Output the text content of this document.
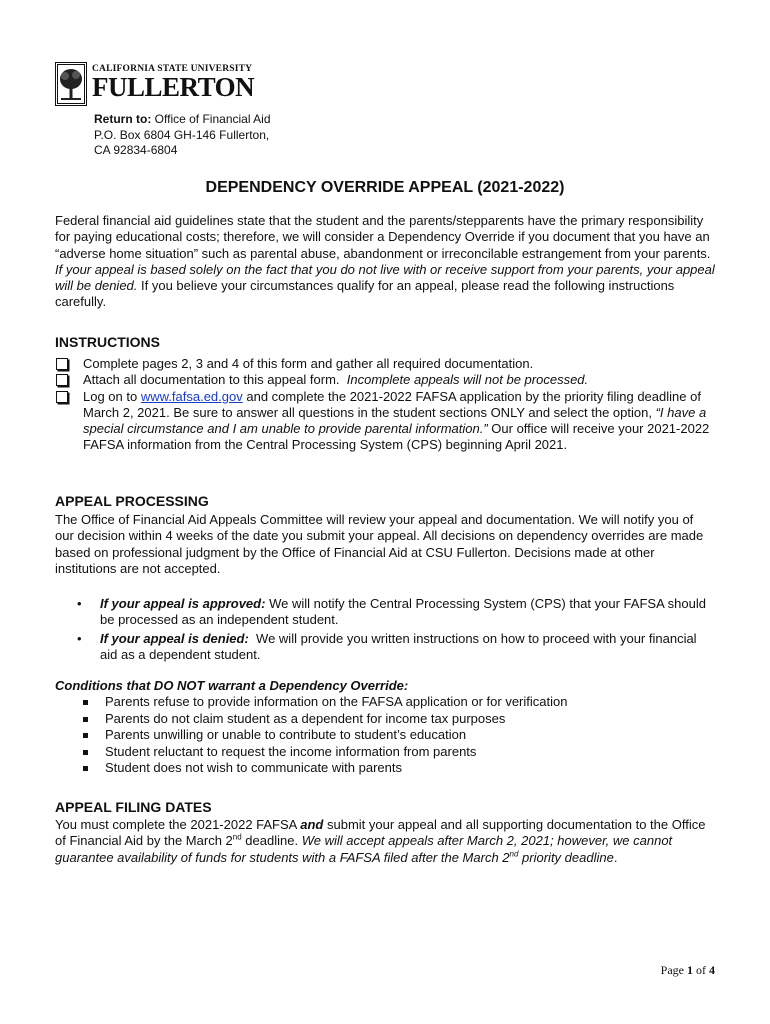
CALIFORNIA STATE UNIVERSITY
FULLERTON
Return to: Office of Financial Aid
P.O. Box 6804 GH-146 Fullerton,
CA 92834-6804
DEPENDENCY OVERRIDE APPEAL (2021-2022)
Federal financial aid guidelines state that the student and the parents/stepparents have the primary responsibility for paying educational costs; therefore, we will consider a Dependency Override if you document that you have an “adverse home situation” such as parental abuse, abandonment or irreconcilable estrangement from your parents. If your appeal is based solely on the fact that you do not live with or receive support from your parents, your appeal will be denied. If you believe your circumstances qualify for an appeal, please read the following instructions carefully.
INSTRUCTIONS
Complete pages 2, 3 and 4 of this form and gather all required documentation.
Attach all documentation to this appeal form. Incomplete appeals will not be processed.
Log on to www.fafsa.ed.gov and complete the 2021-2022 FAFSA application by the priority filing deadline of March 2, 2021. Be sure to answer all questions in the student sections ONLY and select the option, “I have a special circumstance and I am unable to provide parental information.” Our office will receive your 2021-2022 FAFSA information from the Central Processing System (CPS) beginning April 2021.
APPEAL PROCESSING
The Office of Financial Aid Appeals Committee will review your appeal and documentation. We will notify you of our decision within 4 weeks of the date you submit your appeal. All decisions on dependency overrides are made based on professional judgment by the Office of Financial Aid at CSU Fullerton. Decisions made at other institutions are not accepted.
• If your appeal is approved: We will notify the Central Processing System (CPS) that your FAFSA should be processed as an independent student.
• If your appeal is denied: We will provide you written instructions on how to proceed with your financial aid as a dependent student.
Conditions that DO NOT warrant a Dependency Override:
Parents refuse to provide information on the FAFSA application or for verification
Parents do not claim student as a dependent for income tax purposes
Parents unwilling or unable to contribute to student’s education
Student reluctant to request the income information from parents
Student does not wish to communicate with parents
APPEAL FILING DATES
You must complete the 2021-2022 FAFSA and submit your appeal and all supporting documentation to the Office of Financial Aid by the March 2nd deadline. We will accept appeals after March 2, 2021; however, we cannot guarantee availability of funds for students with a FAFSA filed after the March 2nd priority deadline.
Page 1 of 4
